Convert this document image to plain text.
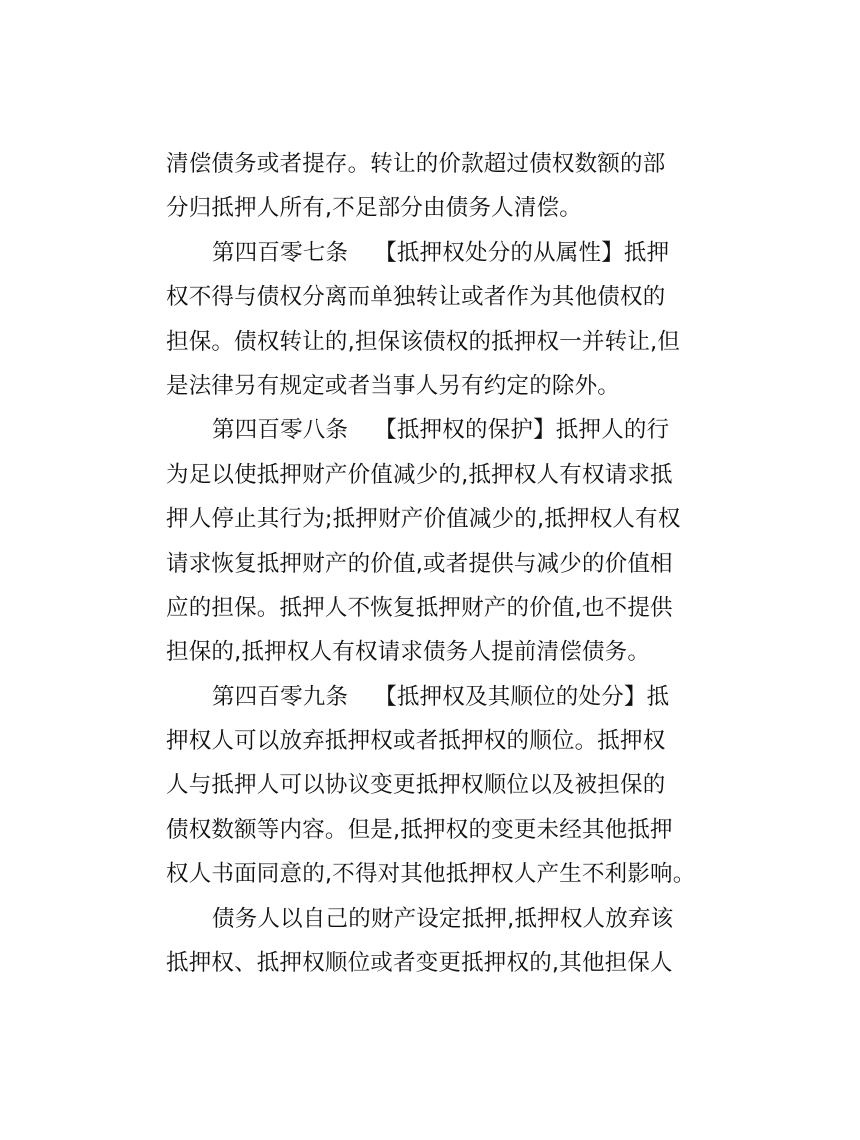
清偿债务或者提存。转让的价款超过债权数额的部
分归抵押人所有,不足部分由债务人清偿。
第四百零七条 【抵押权处分的从属性】抵押
权不得与债权分离而单独转让或者作为其他债权的
担保。债权转让的,担保该债权的抵押权一并转让,但
是法律另有规定或者当事人另有约定的除外。
第四百零八条 【抵押权的保护】抵押人的行
为足以使抵押财产价值减少的,抵押权人有权请求抵
押人停止其行为;抵押财产价值减少的,抵押权人有权
请求恢复抵押财产的价值,或者提供与减少的价值相
应的担保。抵押人不恢复抵押财产的价值,也不提供
担保的,抵押权人有权请求债务人提前清偿债务。
第四百零九条 【抵押权及其顺位的处分】抵
押权人可以放弃抵押权或者抵押权的顺位。抵押权
人与抵押人可以协议变更抵押权顺位以及被担保的
债权数额等内容。但是,抵押权的变更未经其他抵押
权人书面同意的,不得对其他抵押权人产生不利影响。
债务人以自己的财产设定抵押,抵押权人放弃该
抵押权、抵押权顺位或者变更抵押权的,其他担保人
